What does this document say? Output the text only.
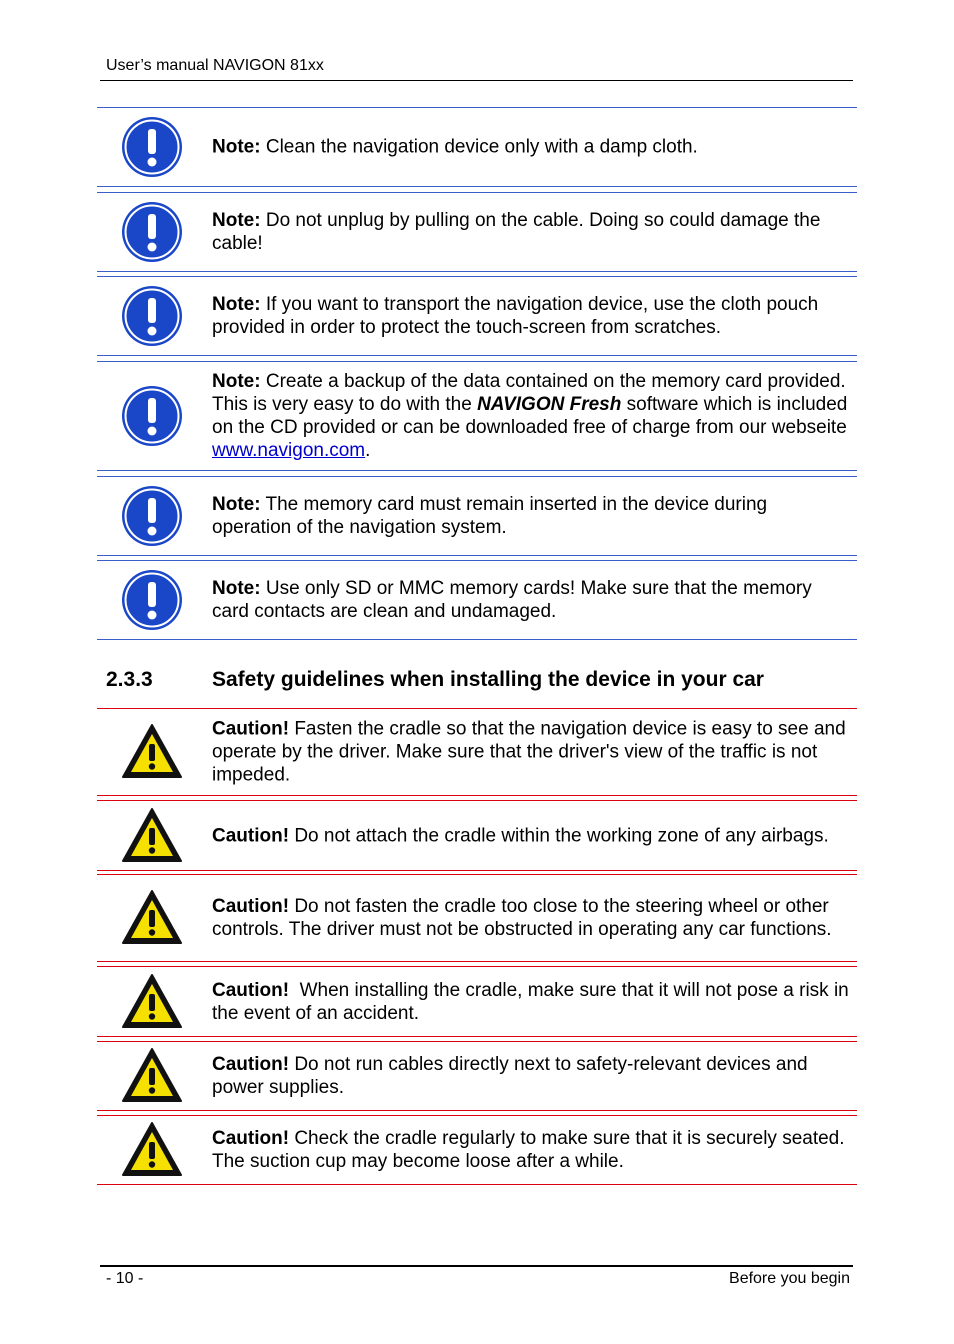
User’s manual NAVIGON 81xx
Note: Clean the navigation device only with a damp cloth.
Note: Do not unplug by pulling on the cable. Doing so could damage the cable!
Note: If you want to transport the navigation device, use the cloth pouch provided in order to protect the touch-screen from scratches.
Note: Create a backup of the data contained on the memory card provided. This is very easy to do with the NAVIGON Fresh software which is included on the CD provided or can be downloaded free of charge from our webseite www.navigon.com.
Note: The memory card must remain inserted in the device during operation of the navigation system.
Note: Use only SD or MMC memory cards! Make sure that the memory card contacts are clean and undamaged.
2.3.3	Safety guidelines when installing the device in your car
Caution! Fasten the cradle so that the navigation device is easy to see and operate by the driver. Make sure that the driver's view of the traffic is not impeded.
Caution! Do not attach the cradle within the working zone of any airbags.
Caution! Do not fasten the cradle too close to the steering wheel or other controls. The driver must not be obstructed in operating any car functions.
Caution!  When installing the cradle, make sure that it will not pose a risk in the event of an accident.
Caution! Do not run cables directly next to safety-relevant devices and power supplies.
Caution! Check the cradle regularly to make sure that it is securely seated. The suction cup may become loose after a while.
- 10 -	Before you begin
